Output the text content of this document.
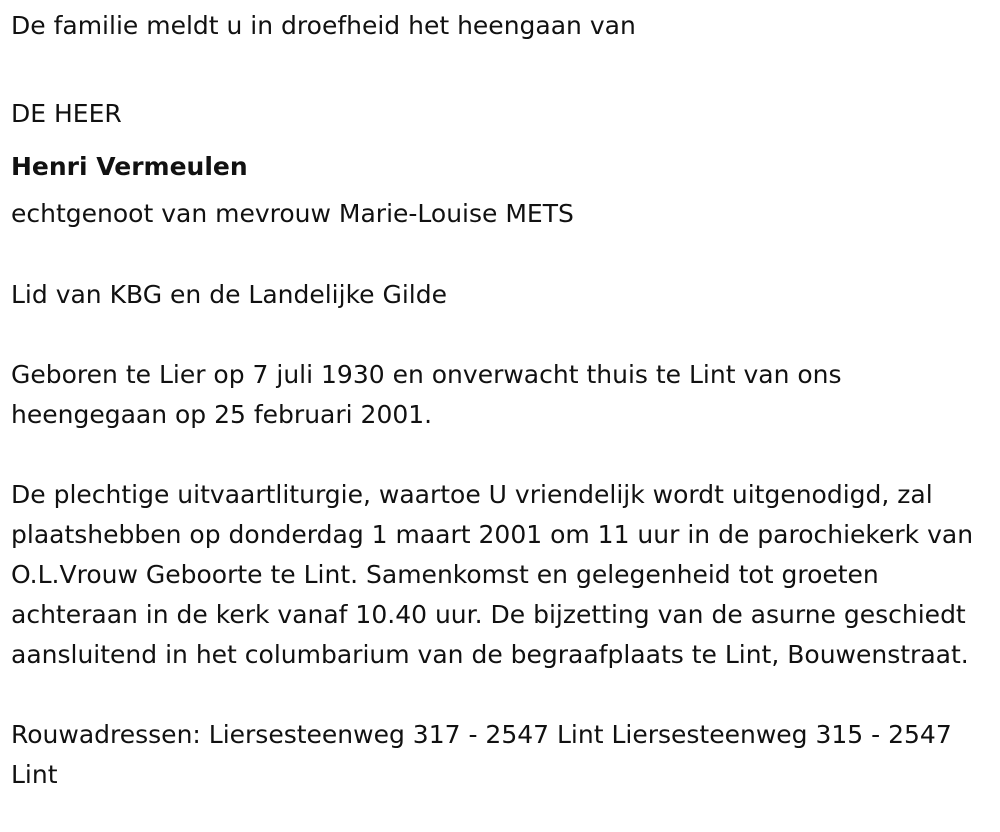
De familie meldt u in droefheid het heengaan van

DE HEER

Henri Vermeulen

echtgenoot van mevrouw Marie-Louise METS

Lid van KBG en de Landelijke Gilde

Geboren te Lier op 7 juli 1930 en onverwacht thuis te Lint van ons heengegaan op 25 februari 2001.

De plechtige uitvaartliturgie, waartoe U vriendelijk wordt uitgenodigd, zal plaatshebben op donderdag 1 maart 2001 om 11 uur in de parochiekerk van O.L.Vrouw Geboorte te Lint. Samenkomst en gelegenheid tot groeten achteraan in de kerk vanaf 10.40 uur. De bijzetting van de asurne geschiedt aansluitend in het columbarium van de begraafplaats te Lint, Bouwenstraat.

Rouwadressen: Liersesteenweg 317 - 2547 Lint Liersesteenweg 315 - 2547 Lint
